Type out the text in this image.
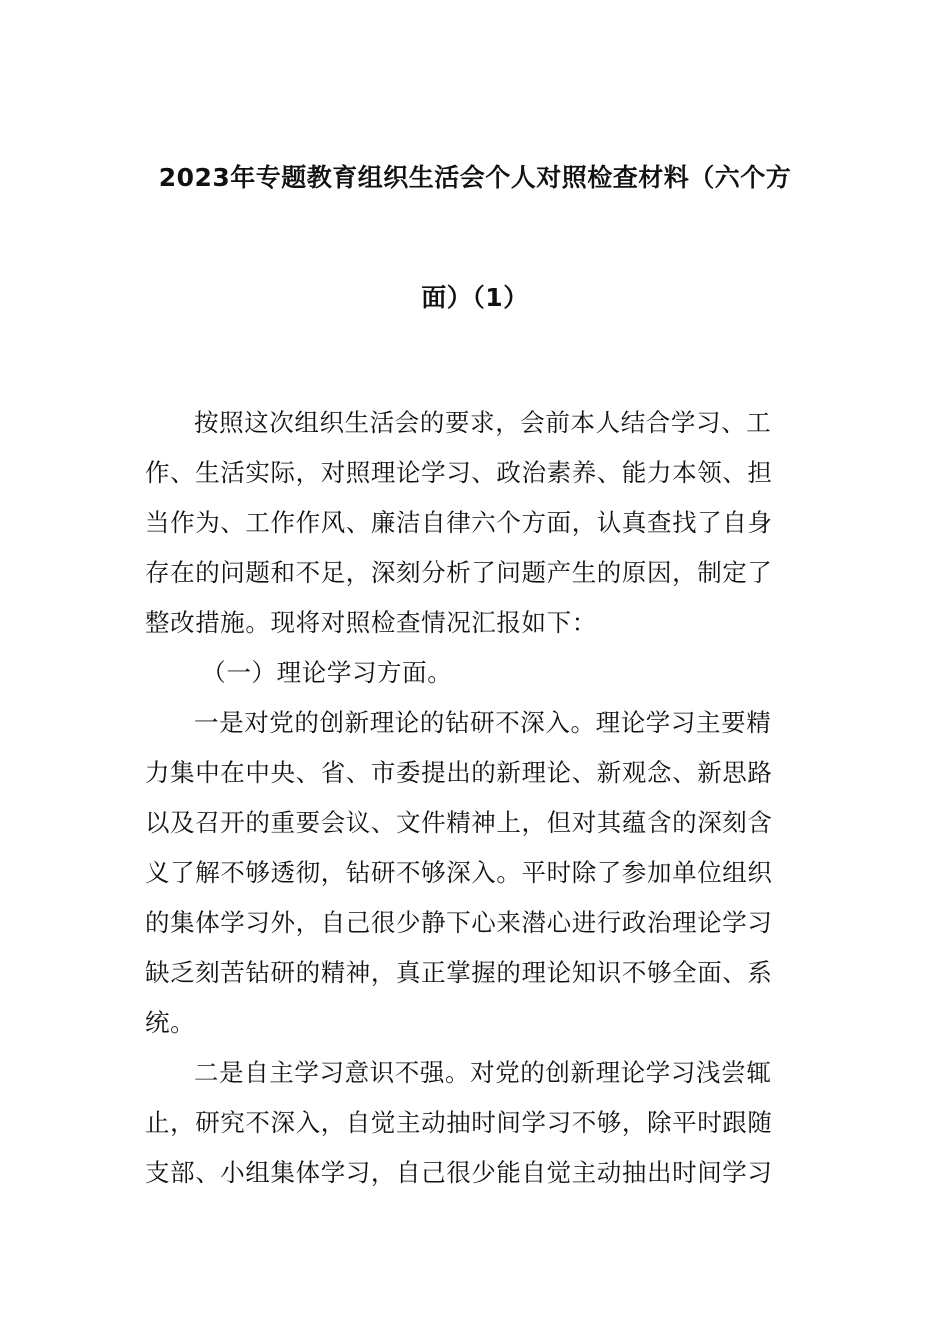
2023年专题教育组织生活会个人对照检查材料（六个方
面）（1）

按照这次组织生活会的要求，会前本人结合学习、工
作、生活实际，对照理论学习、政治素养、能力本领、担
当作为、工作作风、廉洁自律六个方面，认真查找了自身
存在的问题和不足，深刻分析了问题产生的原因，制定了
整改措施。现将对照检查情况汇报如下：

（一）理论学习方面。

一是对党的创新理论的钻研不深入。理论学习主要精
力集中在中央、省、市委提出的新理论、新观念、新思路
以及召开的重要会议、文件精神上，但对其蕴含的深刻含
义了解不够透彻，钻研不够深入。平时除了参加单位组织
的集体学习外，自己很少静下心来潜心进行政治理论学习
缺乏刻苦钻研的精神，真正掌握的理论知识不够全面、系
统。

二是自主学习意识不强。对党的创新理论学习浅尝辄
止，研究不深入，自觉主动抽时间学习不够，除平时跟随
支部、小组集体学习，自己很少能自觉主动抽出时间学习
